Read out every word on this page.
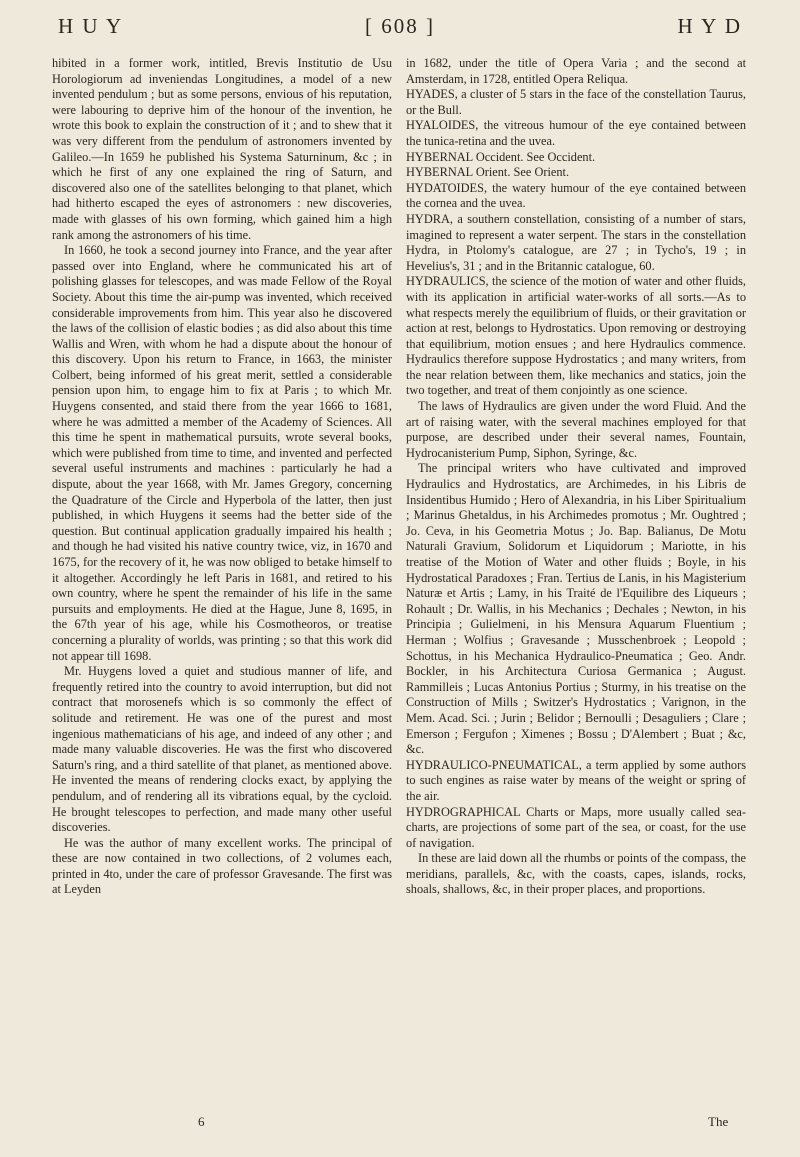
H U Y	[ 608 ]	H Y D

hibited in a former work, intitled, Brevis Institutio de Usu Horologiorum ad inveniendas Longitudines, a model of a new invented pendulum ; but as some persons, envious of his reputation, were labouring to deprive him of the honour of the invention, he wrote this book to explain the construction of it ; and to shew that it was very different from the pendulum of astronomers invented by Galileo.—In 1659 he published his Systema Saturninum, &c ; in which he first of any one explained the ring of Saturn, and discovered also one of the satellites belonging to that planet, which had hitherto escaped the eyes of astronomers : new discoveries, made with glasses of his own forming, which gained him a high rank among the astronomers of his time.

In 1660, he took a second journey into France, and the year after passed over into England, where he communicated his art of polishing glasses for telescopes, and was made Fellow of the Royal Society. About this time the air-pump was invented, which received considerable improvements from him. This year also he discovered the laws of the collision of elastic bodies ; as did also about this time Wallis and Wren, with whom he had a dispute about the honour of this discovery. Upon his return to France, in 1663, the minister Colbert, being informed of his great merit, settled a considerable pension upon him, to engage him to fix at Paris ; to which Mr. Huygens consented, and staid there from the year 1666 to 1681, where he was admitted a member of the Academy of Sciences. All this time he spent in mathematical pursuits, wrote several books, which were published from time to time, and invented and perfected several useful instruments and machines : particularly he had a dispute, about the year 1668, with Mr. James Gregory, concerning the Quadrature of the Circle and Hyperbola of the latter, then just published, in which Huygens it seems had the better side of the question. But continual application gradually impaired his health ; and though he had visited his native country twice, viz, in 1670 and 1675, for the recovery of it, he was now obliged to betake himself to it altogether. Accordingly he left Paris in 1681, and retired to his own country, where he spent the remainder of his life in the same pursuits and employments. He died at the Hague, June 8, 1695, in the 67th year of his age, while his Cosmotheoros, or treatise concerning a plurality of worlds, was printing ; so that this work did not appear till 1698.

Mr. Huygens loved a quiet and studious manner of life, and frequently retired into the country to avoid interruption, but did not contract that morosenefs which is so commonly the effect of solitude and retirement. He was one of the purest and most ingenious mathematicians of his age, and indeed of any other ; and made many valuable discoveries. He was the first who discovered Saturn's ring, and a third satellite of that planet, as mentioned above. He invented the means of rendering clocks exact, by applying the pendulum, and of rendering all its vibrations equal, by the cycloid. He brought telescopes to perfection, and made many other useful discoveries.

He was the author of many excellent works. The principal of these are now contained in two collections, of 2 volumes each, printed in 4to, under the care of professor Gravesande. The first was at Leyden

in 1682, under the title of Opera Varia ; and the second at Amsterdam, in 1728, entitled Opera Reliqua.

HYADES, a cluster of 5 stars in the face of the constellation Taurus, or the Bull.

HYALOIDES, the vitreous humour of the eye contained between the tunica-retina and the uvea.

HYBERNAL Occident. See Occident.

HYBERNAL Orient. See Orient.

HYDATOIDES, the watery humour of the eye contained between the cornea and the uvea.

HYDRA, a southern constellation, consisting of a number of stars, imagined to represent a water serpent. The stars in the constellation Hydra, in Ptolomy's catalogue, are 27 ; in Tycho's, 19 ; in Hevelius's, 31 ; and in the Britannic catalogue, 60.

HYDRAULICS, the science of the motion of water and other fluids, with its application in artificial water-works of all sorts.—As to what respects merely the equilibrium of fluids, or their gravitation or action at rest, belongs to Hydrostatics. Upon removing or destroying that equilibrium, motion ensues ; and here Hydraulics commence. Hydraulics therefore suppose Hydrostatics ; and many writers, from the near relation between them, like mechanics and statics, join the two together, and treat of them conjointly as one science.

The laws of Hydraulics are given under the word Fluid. And the art of raising water, with the several machines employed for that purpose, are described under their several names, Fountain, Hydrocanisterium Pump, Siphon, Syringe, &c.

The principal writers who have cultivated and improved Hydraulics and Hydrostatics, are Archimedes, in his Libris de Insidentibus Humido ; Hero of Alexandria, in his Liber Spiritualium ; Marinus Ghetaldus, in his Archimedes promotus ; Mr. Oughtred ; Jo. Ceva, in his Geometria Motus ; Jo. Bap. Balianus, De Motu Naturali Gravium, Solidorum et Liquidorum ; Mariotte, in his treatise of the Motion of Water and other fluids ; Boyle, in his Hydrostatical Paradoxes ; Fran. Tertius de Lanis, in his Magisterium Naturæ et Artis ; Lamy, in his Traité de l'Equilibre des Liqueurs ; Rohault ; Dr. Wallis, in his Mechanics ; Dechales ; Newton, in his Principia ; Gulielmeni, in his Mensura Aquarum Fluentium ; Herman ; Wolfius ; Gravesande ; Musschenbroek ; Leopold ; Schottus, in his Mechanica Hydraulico-Pneumatica ; Geo. Andr. Bockler, in his Architectura Curiosa Germanica ; August. Rammilleis ; Lucas Antonius Portius ; Sturmy, in his treatise on the Construction of Mills ; Switzer's Hydrostatics ; Varignon, in the Mem. Acad. Sci. ; Jurin ; Belidor ; Bernoulli ; Desaguliers ; Clare ; Emerson ; Fergufon ; Ximenes ; Bossu ; D'Alembert ; Buat ; &c, &c.

HYDRAULICO-PNEUMATICAL, a term applied by some authors to such engines as raise water by means of the weight or spring of the air.

HYDROGRAPHICAL Charts or Maps, more usually called sea-charts, are projections of some part of the sea, or coast, for the use of navigation.

In these are laid down all the rhumbs or points of the compass, the meridians, parallels, &c, with the coasts, capes, islands, rocks, shoals, shallows, &c, in their proper places, and proportions.

6	The
